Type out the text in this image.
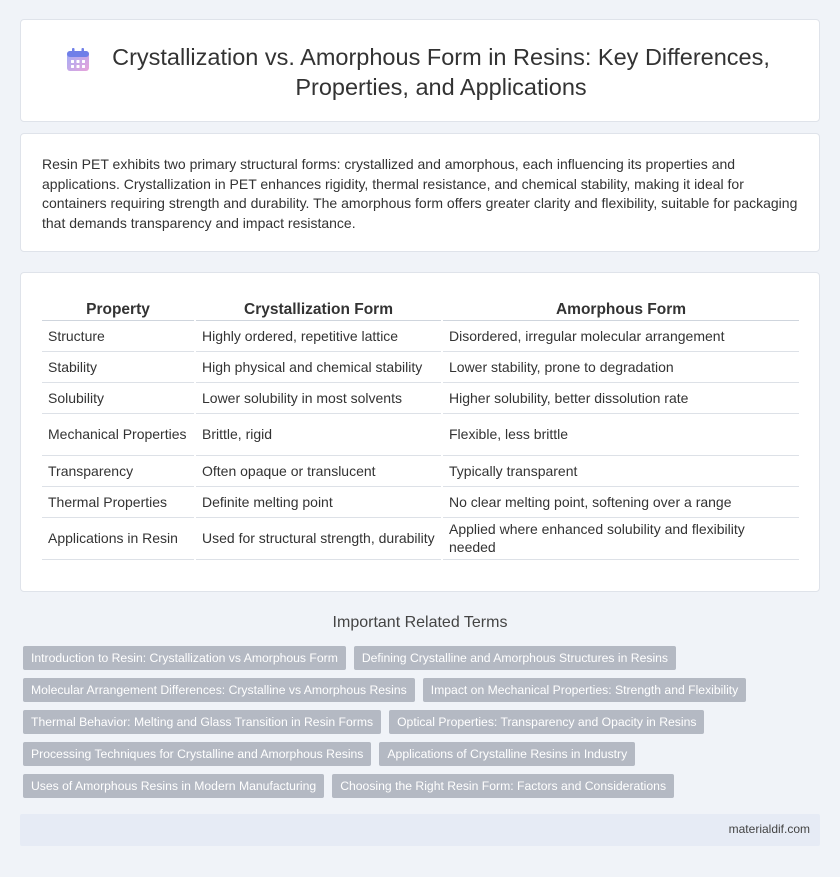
Crystallization vs. Amorphous Form in Resins: Key Differences, Properties, and Applications

Resin PET exhibits two primary structural forms: crystallized and amorphous, each influencing its properties and applications. Crystallization in PET enhances rigidity, thermal resistance, and chemical stability, making it ideal for containers requiring strength and durability. The amorphous form offers greater clarity and flexibility, suitable for packaging that demands transparency and impact resistance.

Property	Crystallization Form	Amorphous Form
Structure	Highly ordered, repetitive lattice	Disordered, irregular molecular arrangement
Stability	High physical and chemical stability	Lower stability, prone to degradation
Solubility	Lower solubility in most solvents	Higher solubility, better dissolution rate
Mechanical Properties	Brittle, rigid	Flexible, less brittle
Transparency	Often opaque or translucent	Typically transparent
Thermal Properties	Definite melting point	No clear melting point, softening over a range
Applications in Resin	Used for structural strength, durability	Applied where enhanced solubility and flexibility needed
Important Related Terms
Introduction to Resin: Crystallization vs Amorphous Form	Defining Crystalline and Amorphous Structures in Resins
Molecular Arrangement Differences: Crystalline vs Amorphous Resins	Impact on Mechanical Properties: Strength and Flexibility
Thermal Behavior: Melting and Glass Transition in Resin Forms	Optical Properties: Transparency and Opacity in Resins
Processing Techniques for Crystalline and Amorphous Resins	Applications of Crystalline Resins in Industry
Uses of Amorphous Resins in Modern Manufacturing	Choosing the Right Resin Form: Factors and Considerations
materialdif.com
